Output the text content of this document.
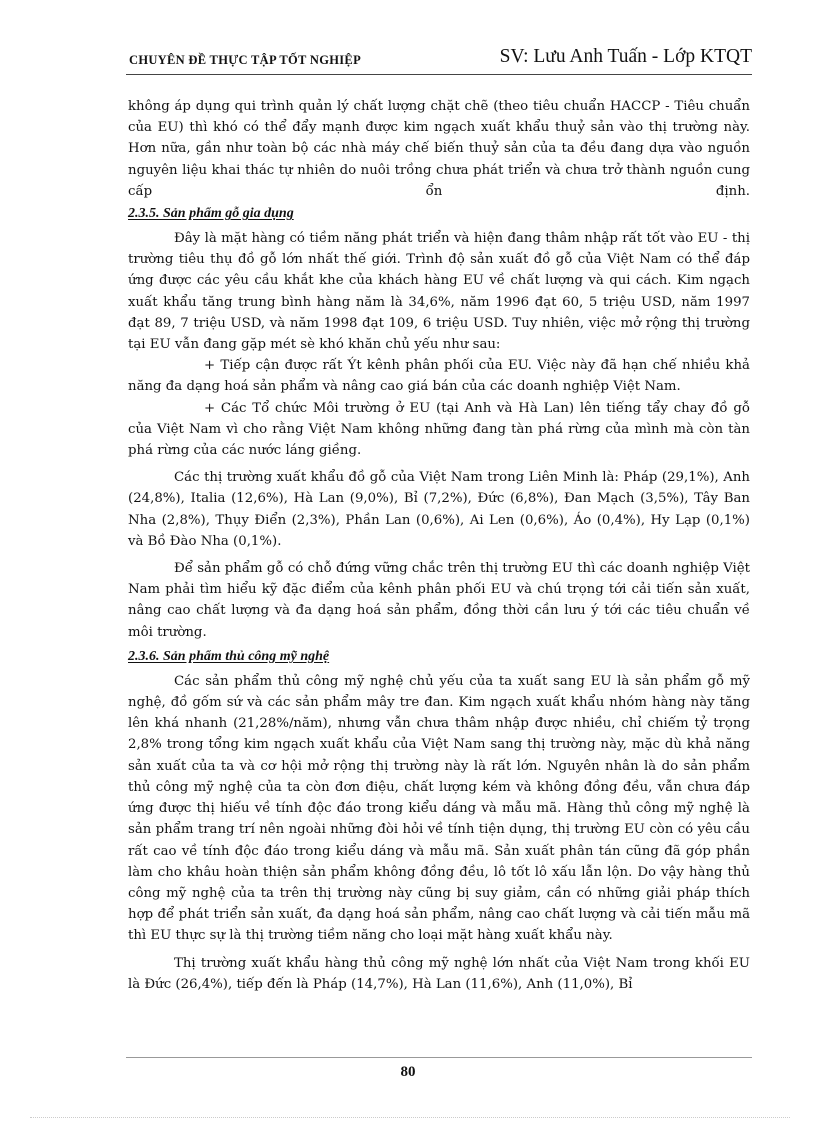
CHUYÊN ĐỀ THỰC TẬP TỐT NGHIỆP	SV: Lưu Anh Tuấn - Lớp KTQT

không áp dụng qui trình quản lý chất lượng chặt chẽ (theo tiêu chuẩn HACCP - Tiêu chuẩn của EU) thì khó có thể đẩy mạnh được kim ngạch xuất khẩu thuỷ sản vào thị trường này. Hơn nữa, gần như toàn bộ các nhà máy chế biến thuỷ sản của ta đều đang dựa vào nguồn nguyên liệu khai thác tự nhiên do nuôi trồng chưa phát triển và chưa trở thành nguồn cung cấp ổn định.

2.3.5. Sản phẩm gỗ gia dụng

Đây là mặt hàng có tiềm năng phát triển và hiện đang thâm nhập rất tốt vào EU - thị trường tiêu thụ đồ gỗ lớn nhất thế giới. Trình độ sản xuất đồ gỗ của Việt Nam có thể đáp ứng được các yêu cầu khắt khe của khách hàng EU về chất lượng và qui cách. Kim ngạch xuất khẩu tăng trung bình hàng năm là 34,6%, năm 1996 đạt 60, 5 triệu USD, năm 1997 đạt 89, 7 triệu USD, và năm 1998 đạt 109, 6 triệu USD. Tuy nhiên, việc mở rộng thị trường tại EU vẫn đang gặp mét sè khó khăn chủ yếu như sau:

+ Tiếp cận được rất Ýt kênh phân phối của EU. Việc này đã hạn chế nhiều khả năng đa dạng hoá sản phẩm và nâng cao giá bán của các doanh nghiệp Việt Nam.

+ Các Tổ chức Môi trường ở EU (tại Anh và Hà Lan) lên tiếng tẩy chay đồ gỗ của Việt Nam vì cho rằng Việt Nam không những đang tàn phá rừng của mình mà còn tàn phá rừng của các nước láng giềng.

Các thị trường xuất khẩu đồ gỗ của Việt Nam trong Liên Minh là: Pháp (29,1%), Anh (24,8%), Italia (12,6%), Hà Lan (9,0%), Bỉ (7,2%), Đức (6,8%), Đan Mạch (3,5%), Tây Ban Nha (2,8%), Thụy Điển (2,3%), Phần Lan (0,6%), Ai Len (0,6%), Áo (0,4%), Hy Lạp (0,1%) và Bồ Đào Nha (0,1%).

Để sản phẩm gỗ có chỗ đứng vững chắc trên thị trường EU thì các doanh nghiệp Việt Nam phải tìm hiểu kỹ đặc điểm của kênh phân phối EU và chú trọng tới cải tiến sản xuất, nâng cao chất lượng và đa dạng hoá sản phẩm, đồng thời cần lưu ý tới các tiêu chuẩn về môi trường.

2.3.6. Sản phẩm thủ công mỹ nghệ

Các sản phẩm thủ công mỹ nghệ chủ yếu của ta xuất sang EU là sản phẩm gỗ mỹ nghệ, đồ gốm sứ và các sản phẩm mây tre đan. Kim ngạch xuất khẩu nhóm hàng này tăng lên khá nhanh (21,28%/năm), nhưng vẫn chưa thâm nhập được nhiều, chỉ chiếm tỷ trọng 2,8% trong tổng kim ngạch xuất khẩu của Việt Nam sang thị trường này, mặc dù khả năng sản xuất của ta và cơ hội mở rộng thị trường này là rất lớn. Nguyên nhân là do sản phẩm thủ công mỹ nghệ của ta còn đơn điệu, chất lượng kém và không đồng đều, vẫn chưa đáp ứng được thị hiếu về tính độc đáo trong kiểu dáng và mẫu mã. Hàng thủ công mỹ nghệ là sản phẩm trang trí nên ngoài những đòi hỏi về tính tiện dụng, thị trường EU còn có yêu cầu rất cao về tính độc đáo trong kiểu dáng và mẫu mã. Sản xuất phân tán cũng đã góp phần làm cho khâu hoàn thiện sản phẩm không đồng đều, lô tốt lô xấu lẫn lộn. Do vậy hàng thủ công mỹ nghệ của ta trên thị trường này cũng bị suy giảm, cần có những giải pháp thích hợp để phát triển sản xuất, đa dạng hoá sản phẩm, nâng cao chất lượng và cải tiến mẫu mã thì EU thực sự là thị trường tiềm năng cho loại mặt hàng xuất khẩu này.

Thị trường xuất khẩu hàng thủ công mỹ nghệ lớn nhất của Việt Nam trong khối EU là Đức (26,4%), tiếp đến là Pháp (14,7%), Hà Lan (11,6%), Anh (11,0%), Bỉ

80
